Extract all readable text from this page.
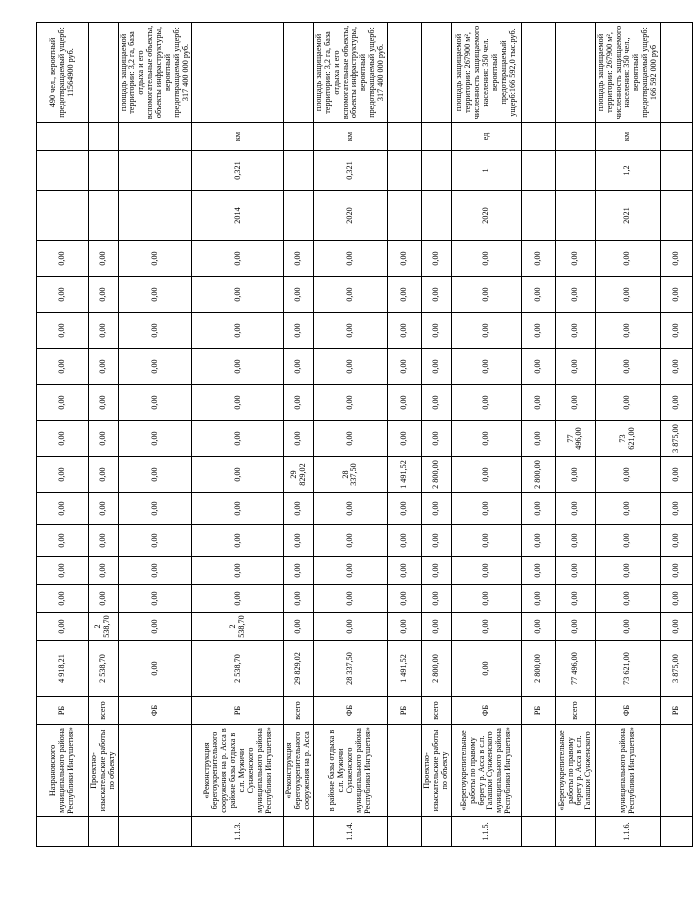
	Назрановского муниципального района Республики Ингушетия»	РБ	4 918,21	0,00	0,00	0,00	0,00	0,00	0,00	0,00	0,00	0,00	0,00	0,00	0,00				490 чел., вероятный предотвращаемый ущерб: 11564900 руб.
	Проектно-изыскательские работы по объекту	всего	2 538,70	2 538,70	0,00	0,00	0,00	0,00	0,00	0,00	0,00	0,00	0,00	0,00	0,00				
		ФБ	0,00	0,00	0,00	0,00	0,00	0,00	0,00	0,00	0,00	0,00	0,00	0,00	0,00				площадь защищаемой территории: 3,2 га, база отдыха и его вспомогательные объекты, объекты инфраструктуры, вероятный предотвращаемый ущерб: 317 400 000 руб.
1.1.3.	«Реконструкция берегоукрепительного сооружения на р. Асса в районе базы отдыха в с.п. Мужичи Сунженского муниципального района Республики Ингушетия»	РБ	2 538,70	2 538,70	0,00	0,00	0,00	0,00	0,00	0,00	0,00	0,00	0,00	0,00	0,00	2014	0,321	км	
	«Реконструкция берегоукрепительного сооружения на р. Асса	всего	29 829,02	0,00	0,00	0,00	0,00	0,00	29 829,02	0,00	0,00	0,00	0,00	0,00	0,00				
1.1.4.	в районе базы отдыха в с.п. Мужичи Сунженского муниципального района Республики Ингушетия»	ФБ	28 337,50	0,00	0,00	0,00	0,00	0,00	28 337,50	0,00	0,00	0,00	0,00	0,00	0,00	2020	0,321	км	площадь защищаемой территории: 3,2 га, база отдыха и его вспомогательные объекты, объекты инфраструктуры, вероятный предотвращаемый ущерб: 317 400 000 руб.
		РБ	1 491,52	0,00	0,00	0,00	0,00	0,00	1 491,52	0,00	0,00	0,00	0,00	0,00	0,00				
	Проектно-изыскательские работы по объекту	всего	2 800,00	0,00	0,00	0,00	0,00	0,00	2 800,00	0,00	0,00	0,00	0,00	0,00	0,00				
1.1.5.	«Берегоукрепительные работы по правому берегу р. Асса в с.п. Галашки Сунженского муниципального района Республики Ингушетия»	ФБ	0,00	0,00	0,00	0,00	0,00	0,00	0,00	0,00	0,00	0,00	0,00	0,00	0,00	2020	1	ед	площадь защищаемой территории: 267900 м², численность защищаемого населения: 350 чел. вероятный предотвращаемый ущерб:166 592,0 тыс.руб.
		РБ	2 800,00	0,00	0,00	0,00	0,00	0,00	2 800,00	0,00	0,00	0,00	0,00	0,00	0,00				
	«Берегоукрепительные работы по правому берегу р. Асса в с.п. Галашки Сунженского	всего	77 496,00	0,00	0,00	0,00	0,00	0,00	0,00	77 496,00	0,00	0,00	0,00	0,00	0,00				
1.1.6.	муниципального района Республики Ингушетия»	ФБ	73 621,00	0,00	0,00	0,00	0,00	0,00	0,00	73 621,00	0,00	0,00	0,00	0,00	0,00	2021	1,2	км	площадь защищаемой территории: 267900 м², численность защищаемого населения: 350 чел., вероятный предотвращаемый ущерб: 166 592 000 руб
		РБ	3 875,00	0,00	0,00	0,00	0,00	0,00	0,00	3 875,00	0,00	0,00	0,00	0,00	0,00				
